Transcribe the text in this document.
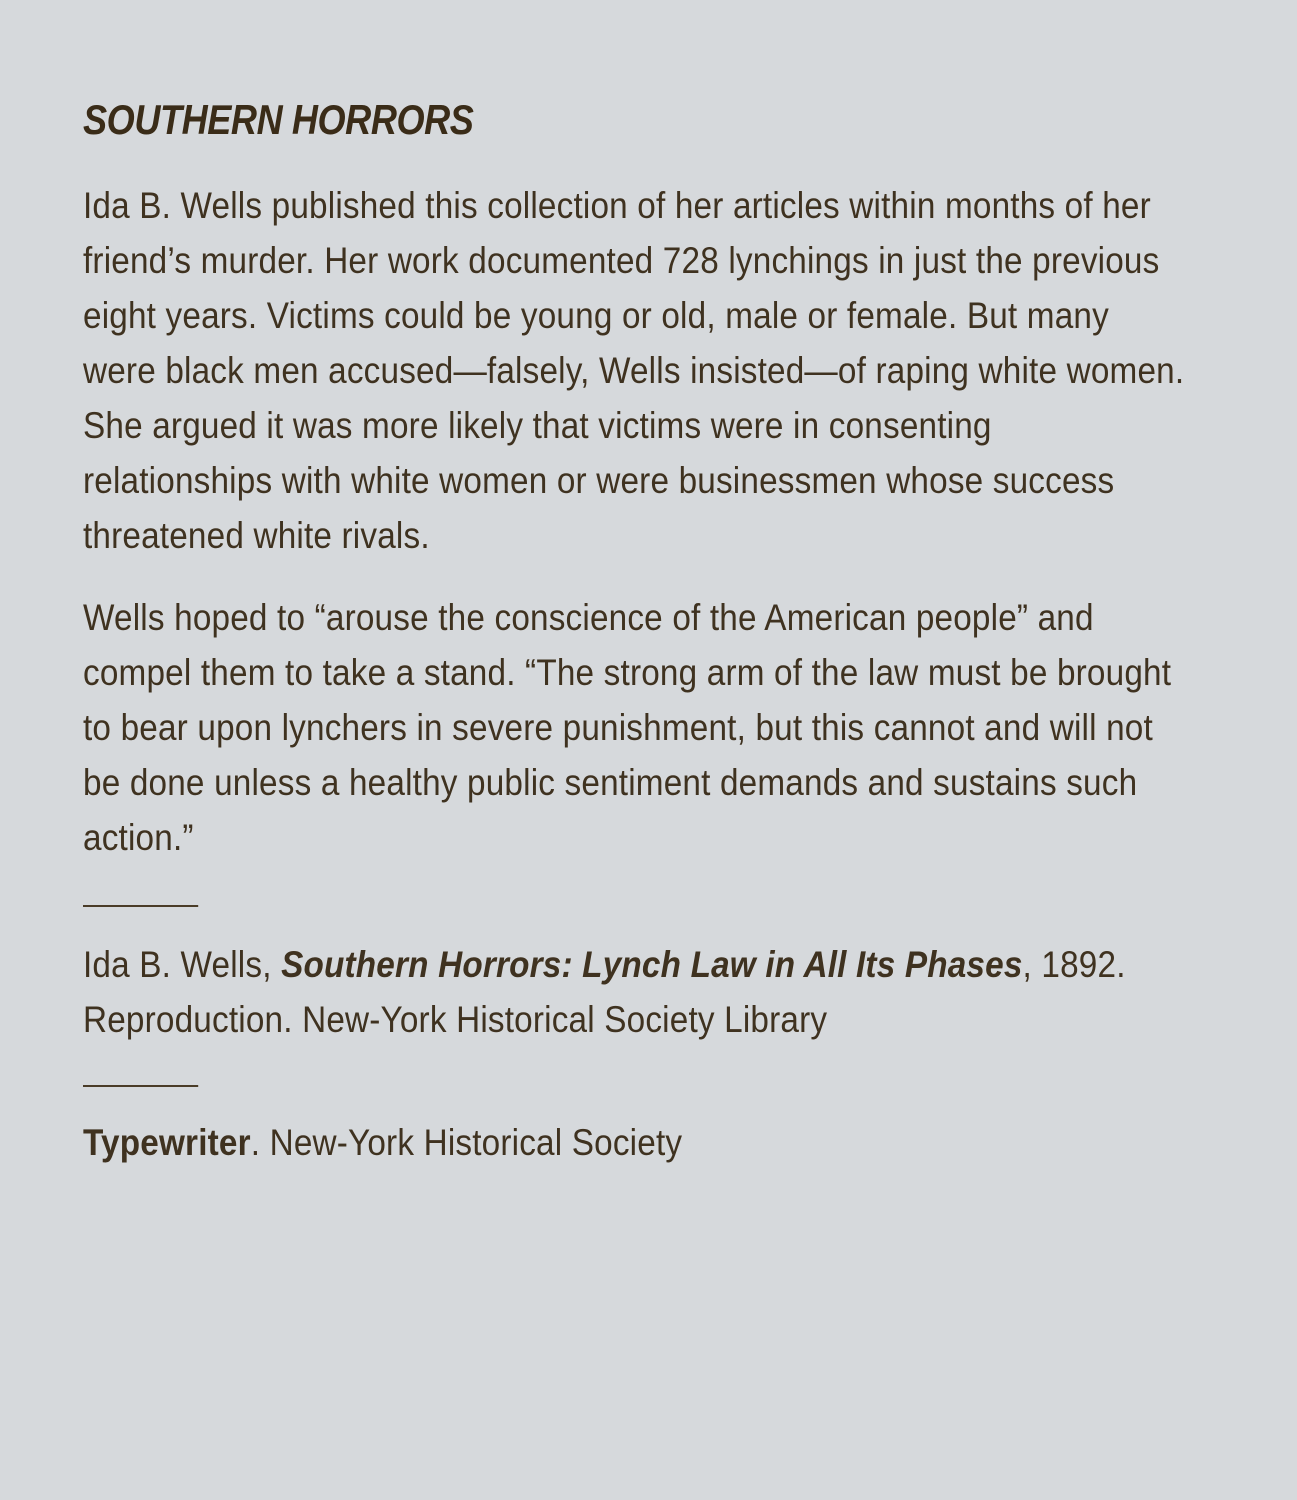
SOUTHERN HORRORS

Ida B. Wells published this collection of her articles within months of her friend’s murder. Her work documented 728 lynchings in just the previous eight years. Victims could be young or old, male or female. But many were black men accused—falsely, Wells insisted—of raping white women. She argued it was more likely that victims were in consenting relationships with white women or were businessmen whose success threatened white rivals.

Wells hoped to “arouse the conscience of the American people” and compel them to take a stand. “The strong arm of the law must be brought to bear upon lynchers in severe punishment, but this cannot and will not be done unless a healthy public sentiment demands and sustains such action.”

Ida B. Wells, Southern Horrors: Lynch Law in All Its Phases, 1892. Reproduction. New-York Historical Society Library

Typewriter. New-York Historical Society
